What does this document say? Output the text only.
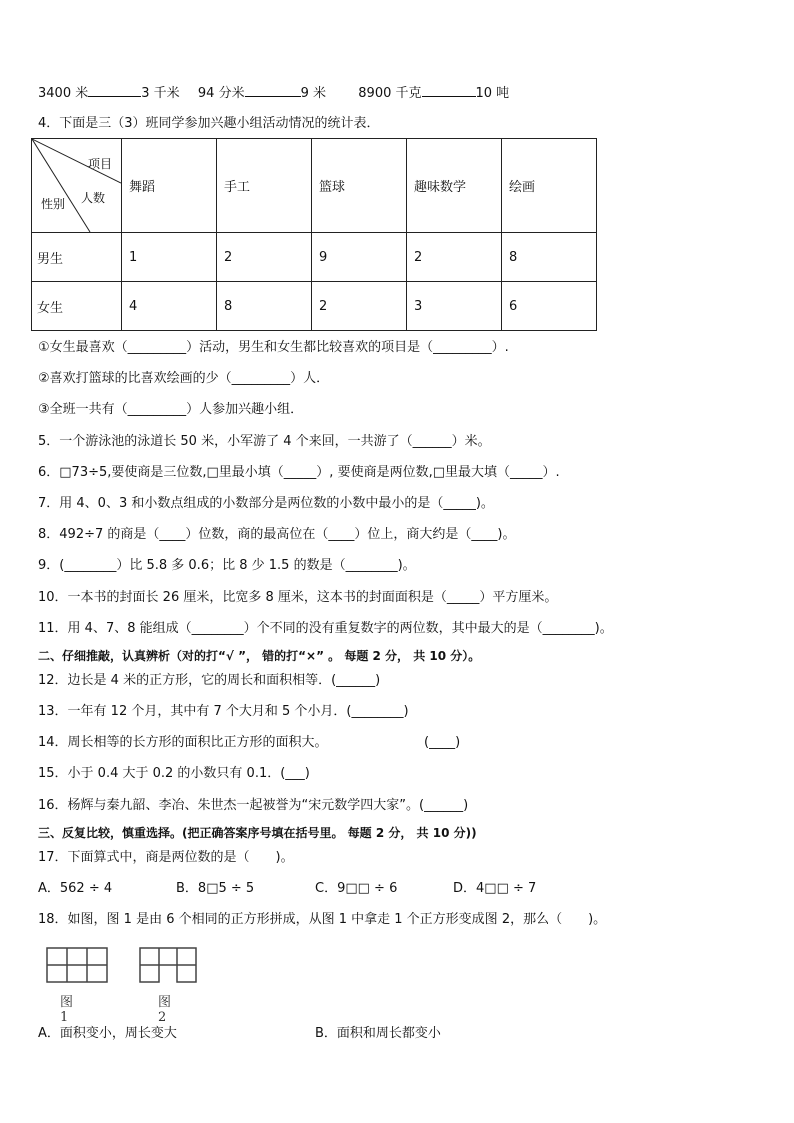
3400 米	3 千米 94 分米	9 米 8900 千克	10 吨
4．下面是三（3）班同学参加兴趣小组活动情况的统计表．
项目
人数
性别	舞蹈	手工	篮球	趣味数学	绘画
男生	1	2	9	2	8
女生	4	8	2	3	6
①女生最喜欢（_________）活动，男生和女生都比较喜欢的项目是（_________）.
②喜欢打篮球的比喜欢绘画的少（_________）人．
③全班一共有（_________）人参加兴趣小组．
5．一个游泳池的泳道长 50 米，小军游了 4 个来回，一共游了（______）米。
6．□73÷5,要使商是三位数,□里最小填（_____）, 要使商是两位数,□里最大填（_____）.
7．用 4、0、3 和小数点组成的小数部分是两位数的小数中最小的是（_____)。
8．492÷7 的商是（____）位数，商的最高位在（____）位上，商大约是（____)。
9．(________）比 5.8 多 0.6；比 8 少 1.5 的数是（________)。
10．一本书的封面长 26 厘米，比宽多 8 厘米，这本书的封面面积是（_____）平方厘米。
11．用 4、7、8 能组成（________）个不同的没有重复数字的两位数，其中最大的是（________)。
二、仔细推敲，认真辨析（对的打“√ ”， 错的打“×” 。 每题 2 分， 共 10 分）。
12．边长是 4 米的正方形，它的周长和面积相等．(______)
13．一年有 12 个月，其中有 7 个大月和 5 个小月．(________)
14．周长相等的长方形的面积比正方形的面积大。	(____)
15．小于 0.4 大于 0.2 的小数只有 0.1．(___)
16．杨辉与秦九韶、李冶、朱世杰一起被誉为“宋元数学四大家”。(______)
三、反复比较，慎重选择。(把正确答案序号填在括号里。 每题 2 分， 共 10 分))
17．下面算式中，商是两位数的是（　　)。
A．562 ÷ 4	B．8□5 ÷ 5	C．9□□ ÷ 6	D．4□□ ÷ 7
18．如图，图 1 是由 6 个相同的正方形拼成，从图 1 中拿走 1 个正方形变成图 2，那么（　　)。
图 1
图 2
A．面积变小，周长变大	B．面积和周长都变小
